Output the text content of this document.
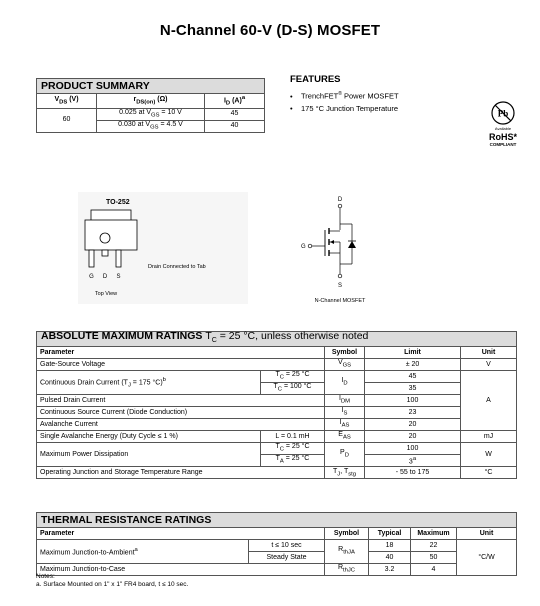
N-Channel 60-V (D-S) MOSFET
PRODUCT SUMMARY		
$V_{DS}$ (V)	$r_{DS(on)}$ (Ω)	$I_D$ $(A)^a$
60	0.025 at $V_{GS} = 10$ V	45
	0.030 at $V_{GS} = 4.5$ V	40
FEATURES
• TrenchFET® Power MOSFET
• 175 °C Junction Temperature
Pb
Available
RoHS*
COMPLIANT
TO-252
G D S
Top View
Drain Connected to Tab
D
G
S
N-Channel MOSFET
ABSOLUTE MAXIMUM RATINGS $T_C = 25$ °C, unless otherwise noted				
Parameter		Symbol	Limit	Unit
Gate-Source Voltage		$V_{GS}$	± 20	V
Continuous Drain Current ($T_J = 175$ °C)$^b$	$T_C = 25$ °C	$I_D$	45	A
	$T_C = 100$ °C		35	
Pulsed Drain Current		$I_{DM}$	100	
Continuous Source Current (Diode Conduction)		$I_S$	23	
Avalanche Current		$I_{AS}$	20	
Single Avalanche Energy (Duty Cycle ≤ 1 %)	L = 0.1 mH	$E_{AS}$	20	mJ
Maximum Power Dissipation	$T_C = 25$ °C	$P_D$	100	W
	$T_A = 25$ °C		3$^a$
Operating Junction and Storage Temperature Range		$T_J$, $T_{stg}$	- 55 to 175	°C
THERMAL RESISTANCE RATINGS					
Parameter		Symbol	Typical	Maximum	Unit
Maximum Junction-to-Ambient$^a$	t ≤ 10 sec	$R_{thJA}$	18	22	°C/W
	Steady State		40	50	
Maximum Junction-to-Case		$R_{thJC}$	3.2	4	
Notes:
a. Surface Mounted on 1" x 1" FR4 board, t ≤ 10 sec.
